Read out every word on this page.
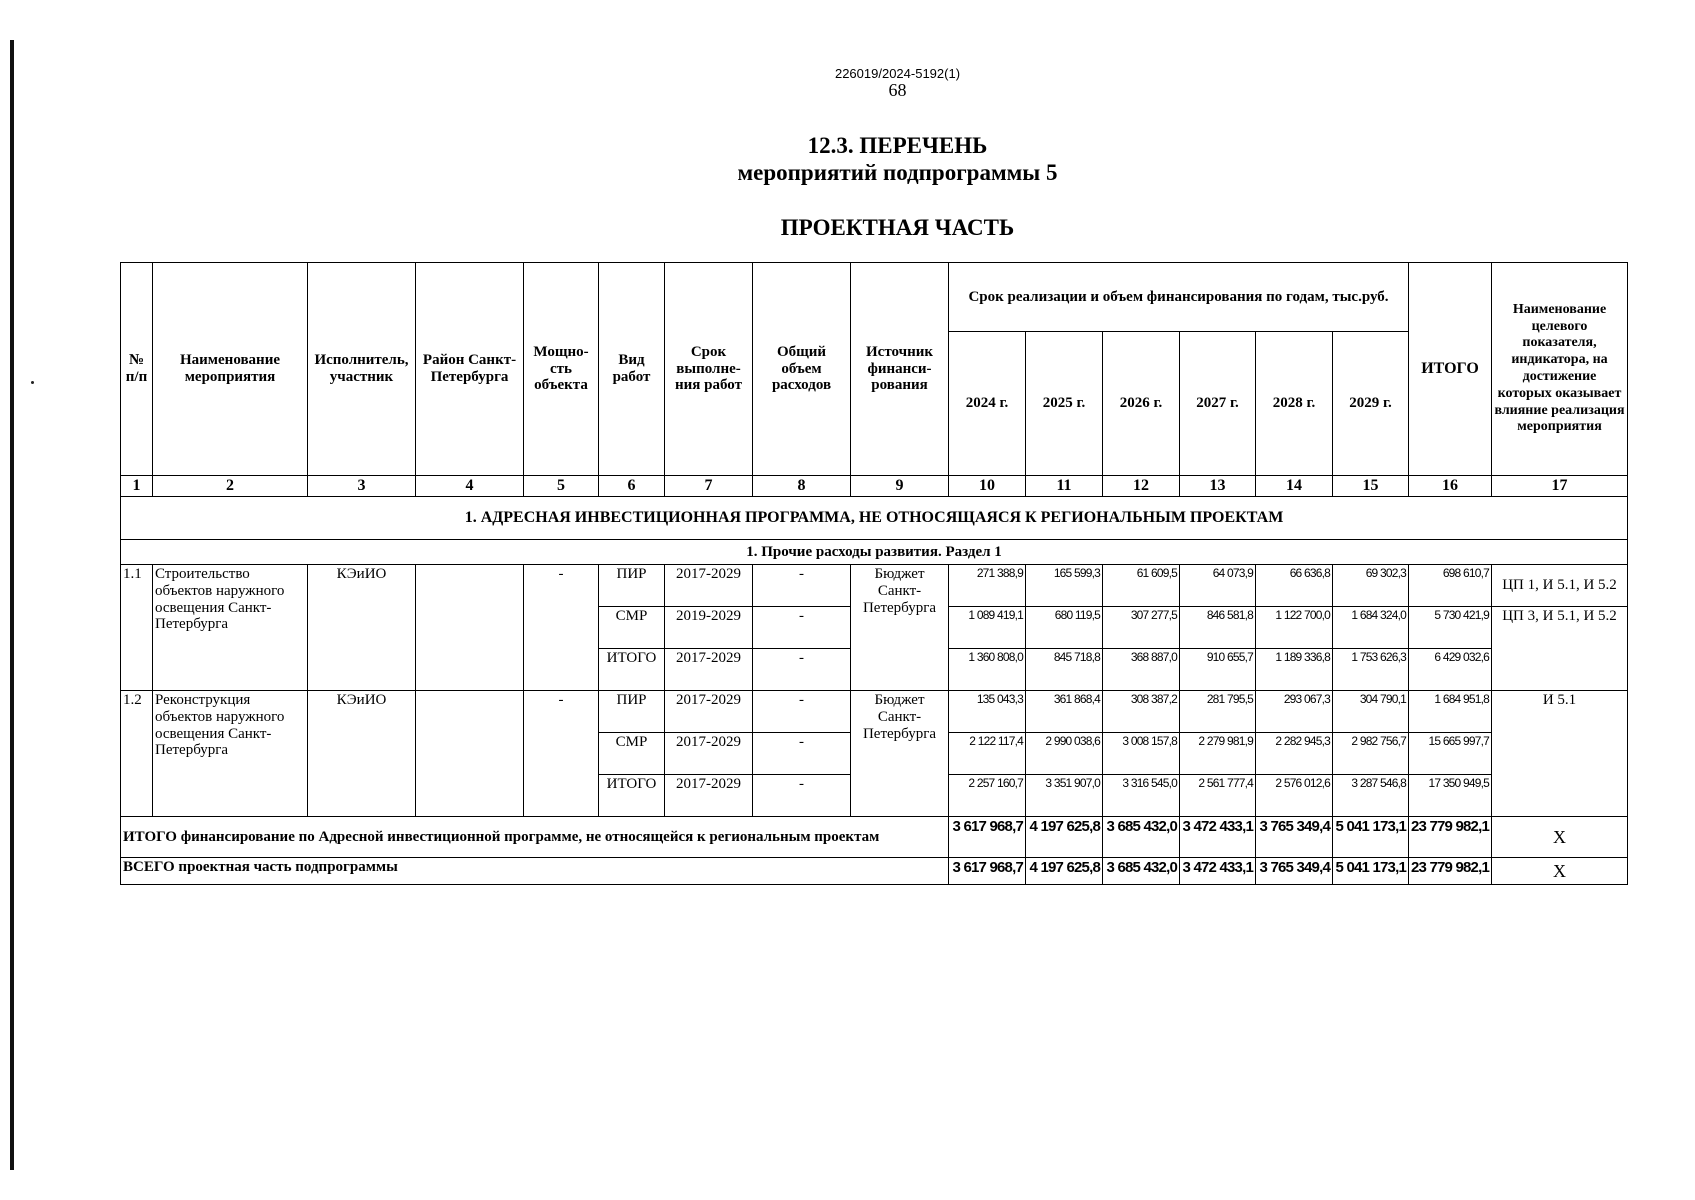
226019/2024-5192(1)
68
12.3. ПЕРЕЧЕНЬ
мероприятий подпрограммы 5
ПРОЕКТНАЯ ЧАСТЬ
№ п/п	Наименование мероприятия	Исполнитель, участник	Район Санкт-Петербурга	Мощно-сть объекта	Вид работ	Срок выполне-ния работ	Общий объем расходов	Источник финанси-рования	Срок реализации и объем финансирования по годам, тыс.руб.						ИТОГО	Наименование целевого показателя, индикатора, на достижение которых оказывает влияние реализация мероприятия
									2024 г.	2025 г.	2026 г.	2027 г.	2028 г.	2029 г.		
1	2	3	4	5	6	7	8	9	10	11	12	13	14	15	16	17
1. АДРЕСНАЯ ИНВЕСТИЦИОННАЯ ПРОГРАММА, НЕ ОТНОСЯЩАЯСЯ К РЕГИОНАЛЬНЫМ ПРОЕКТАМ																
1. Прочие расходы развития. Раздел 1																
1.1	Строительство объектов наружного освещения Санкт-Петербурга	КЭиИО		-	ПИР	2017-2029	-	Бюджет Санкт-Петербурга	271 388,9	165 599,3	61 609,5	64 073,9	66 636,8	69 302,3	698 610,7	ЦП 1, И 5.1, И 5.2
					СМР	2019-2029	-		1 089 419,1	680 119,5	307 277,5	846 581,8	1 122 700,0	1 684 324,0	5 730 421,9	ЦП 3, И 5.1, И 5.2
					ИТОГО	2017-2029	-		1 360 808,0	845 718,8	368 887,0	910 655,7	1 189 336,8	1 753 626,3	6 429 032,6	
1.2	Реконструкция объектов наружного освещения Санкт-Петербурга	КЭиИО		-	ПИР	2017-2029	-	Бюджет Санкт-Петербурга	135 043,3	361 868,4	308 387,2	281 795,5	293 067,3	304 790,1	1 684 951,8	И 5.1
					СМР	2017-2029	-		2 122 117,4	2 990 038,6	3 008 157,8	2 279 981,9	2 282 945,3	2 982 756,7	15 665 997,7	
					ИТОГО	2017-2029	-		2 257 160,7	3 351 907,0	3 316 545,0	2 561 777,4	2 576 012,6	3 287 546,8	17 350 949,5	
ИТОГО финансирование по Адресной инвестиционной программе, не относящейся к региональным проектам									3 617 968,7	4 197 625,8	3 685 432,0	3 472 433,1	3 765 349,4	5 041 173,1	23 779 982,1	Х
ВСЕГО проектная часть подпрограммы									3 617 968,7	4 197 625,8	3 685 432,0	3 472 433,1	3 765 349,4	5 041 173,1	23 779 982,1	Х
